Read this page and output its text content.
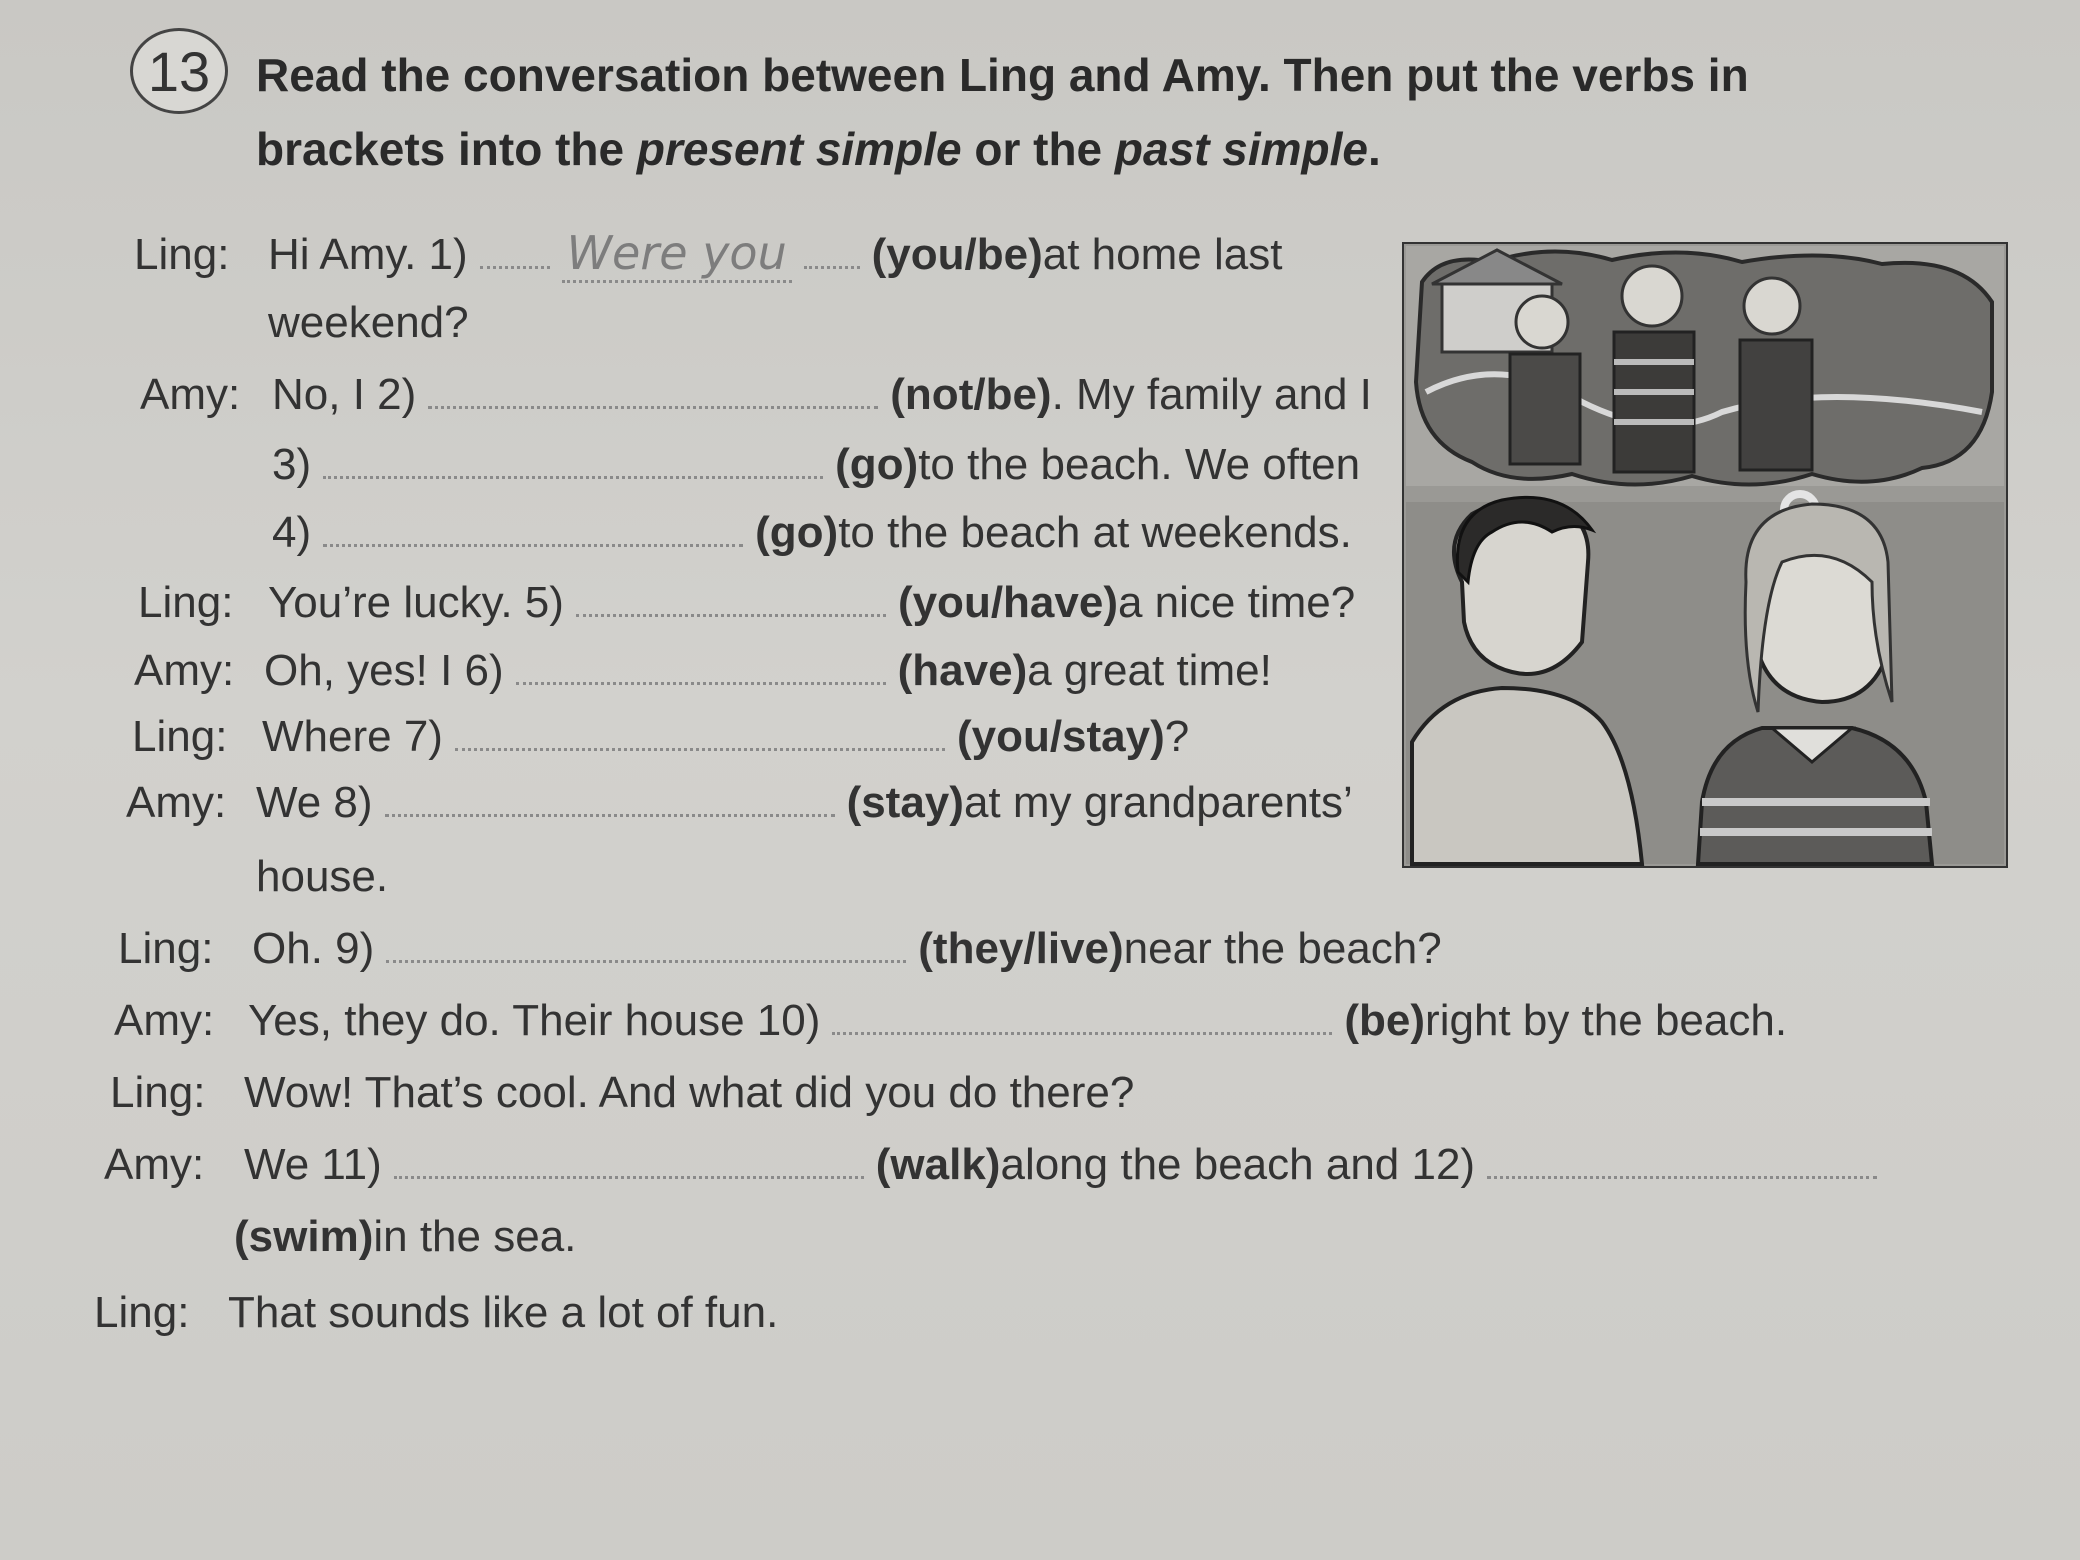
13 Read the conversation between Ling and Amy. Then put the verbs in brackets into the present simple or the past simple.
Ling: Hi Amy. 1) Were you (you/be) at home last
weekend?
Amy: No, I 2)	(not/be) . My family and I
3)	(go) to the beach. We often
4)	(go) to the beach at weekends.
Ling: You’re lucky. 5)	(you/have) a nice time?
Amy: Oh, yes! I 6)	(have) a great time!
Ling: Where 7)	(you/stay) ?
Amy: We 8)	(stay) at my grandparents’
house.
Ling: Oh. 9)	(they/live) near the beach?
Amy: Yes, they do. Their house 10)	(be) right by the beach.
Ling: Wow! That’s cool. And what did you do there?
Amy: We 11)	(walk) along the beach and 12)
(swim) in the sea.
Ling: That sounds like a lot of fun.
